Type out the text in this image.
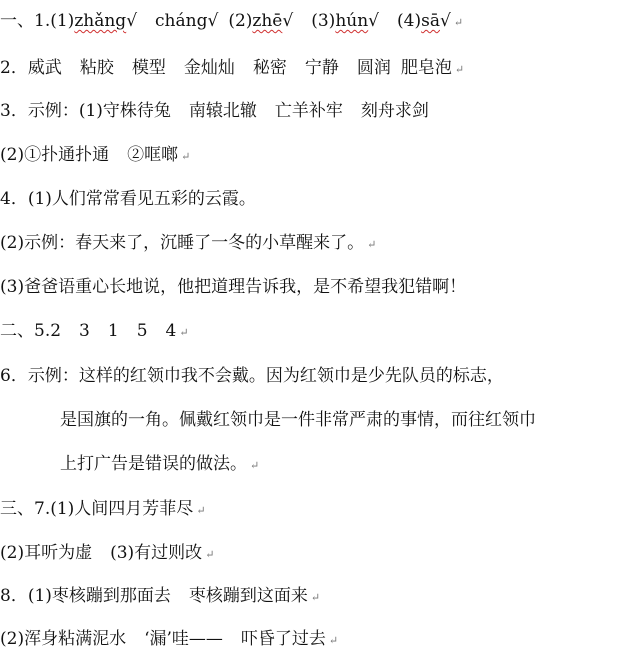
一、1.(1)zhǎng√ cháng√ (2)zhē√ (3)hún√ (4)sā√ ↵
2．威武 粘胶 模型 金灿灿 秘密 宁静 圆润 肥皂泡 ↵
3．示例：(1)守株待兔 南辕北辙 亡羊补牢 刻舟求剑
(2)①扑通扑通 ②哐啷 ↵
4．(1)人们常常看见五彩的云霞。
(2)示例：春天来了，沉睡了一冬的小草醒来了。 ↵
(3)爸爸语重心长地说，他把道理告诉我，是不希望我犯错啊！
二、5.2 3 1 5 4 ↵
6．示例：这样的红领巾我不会戴。因为红领巾是少先队员的标志，
是国旗的一角。佩戴红领巾是一件非常严肃的事情，而往红领巾
上打广告是错误的做法。 ↵
三、7.(1)人间四月芳菲尽 ↵
(2)耳听为虚 (3)有过则改 ↵
8．(1)枣核蹦到那面去 枣核蹦到这面来 ↵
(2)浑身粘满泥水 ‘漏’哇—— 吓昏了过去 ↵
